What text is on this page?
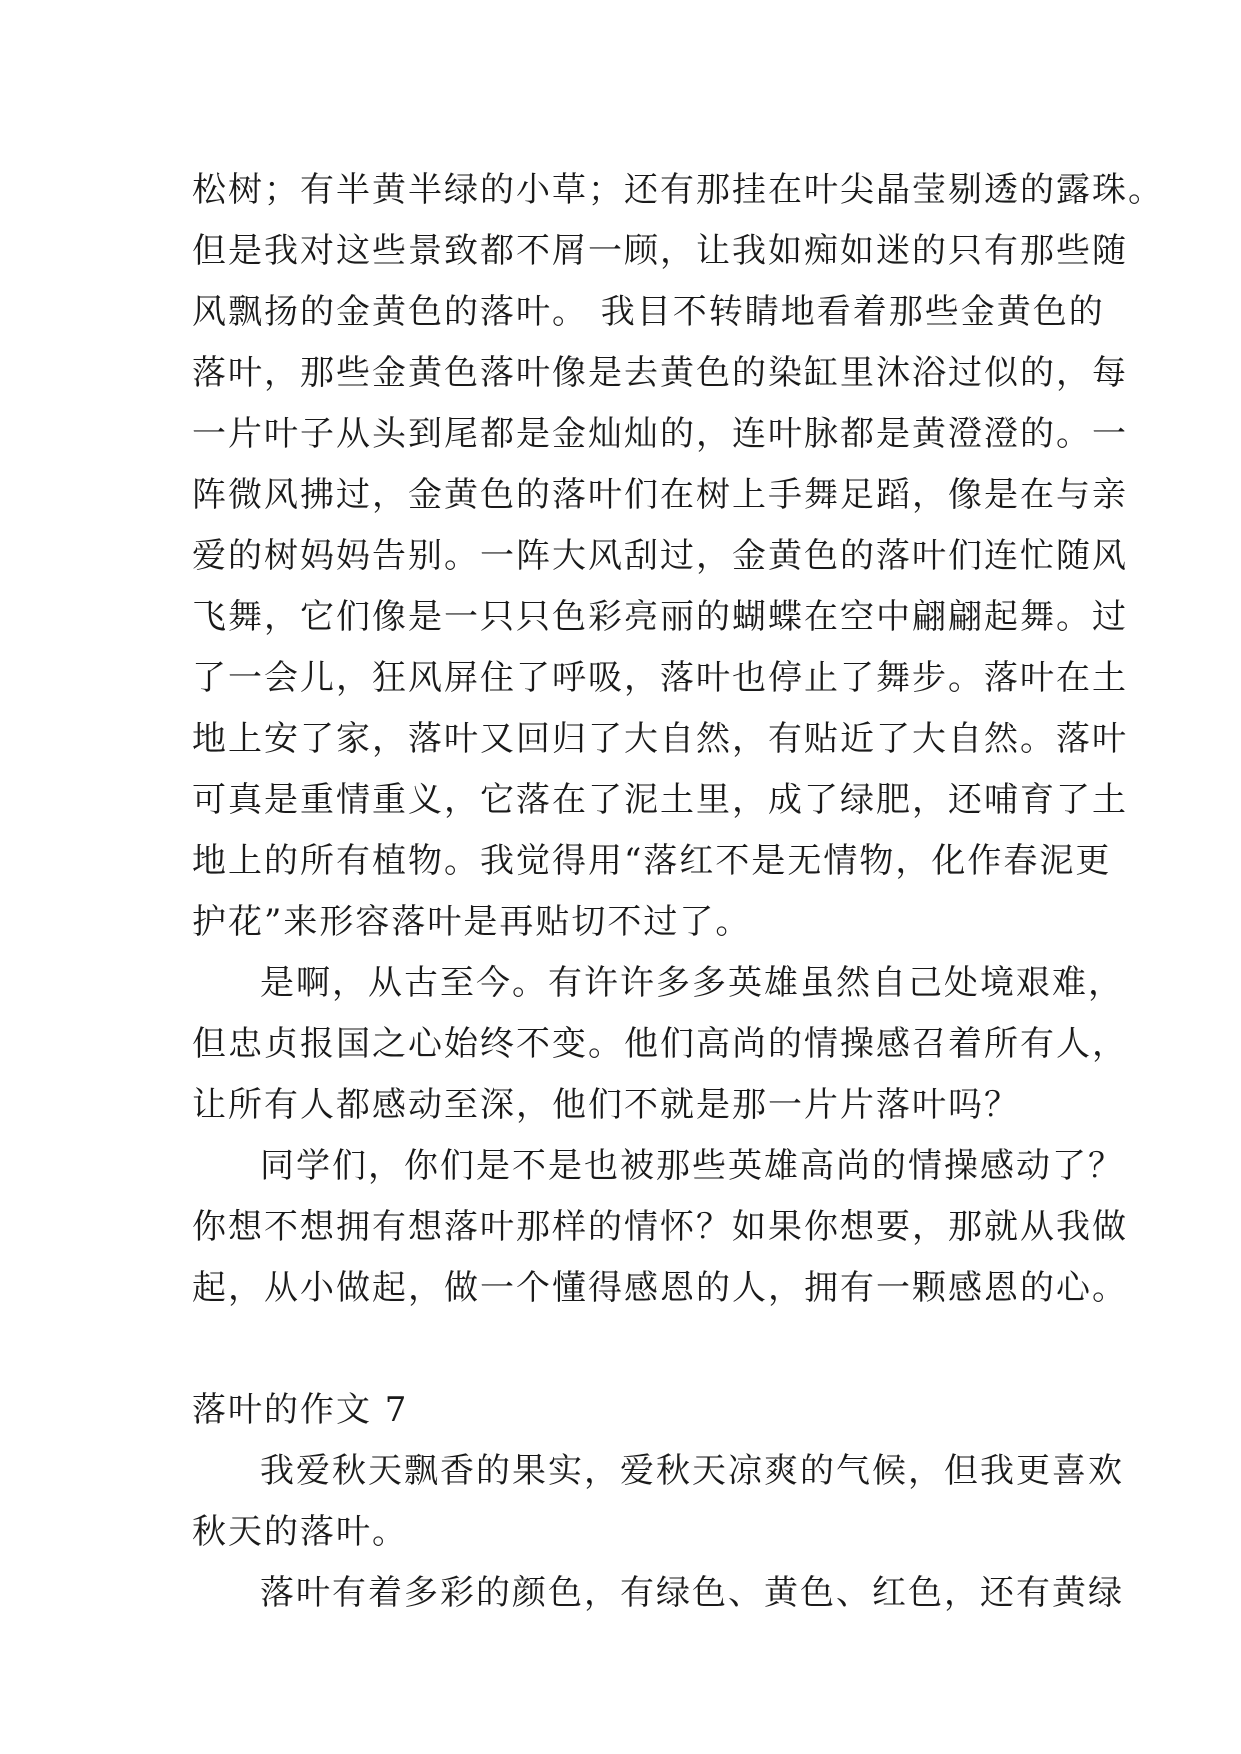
松树；有半黄半绿的小草；还有那挂在叶尖晶莹剔透的露珠。
但是我对这些景致都不屑一顾，让我如痴如迷的只有那些随
风飘扬的金黄色的落叶。 我目不转睛地看着那些金黄色的
落叶，那些金黄色落叶像是去黄色的染缸里沐浴过似的，每
一片叶子从头到尾都是金灿灿的，连叶脉都是黄澄澄的。一
阵微风拂过，金黄色的落叶们在树上手舞足蹈，像是在与亲
爱的树妈妈告别。一阵大风刮过，金黄色的落叶们连忙随风
飞舞，它们像是一只只色彩亮丽的蝴蝶在空中翩翩起舞。过
了一会儿，狂风屏住了呼吸，落叶也停止了舞步。落叶在土
地上安了家，落叶又回归了大自然，有贴近了大自然。落叶
可真是重情重义，它落在了泥土里，成了绿肥，还哺育了土
地上的所有植物。我觉得用“落红不是无情物，化作春泥更
护花”来形容落叶是再贴切不过了。
是啊，从古至今。有许许多多英雄虽然自己处境艰难，
但忠贞报国之心始终不变。他们高尚的情操感召着所有人，
让所有人都感动至深，他们不就是那一片片落叶吗？
同学们，你们是不是也被那些英雄高尚的情操感动了？
你想不想拥有想落叶那样的情怀？如果你想要，那就从我做
起，从小做起，做一个懂得感恩的人，拥有一颗感恩的心。
落叶的作文 7
我爱秋天飘香的果实，爱秋天凉爽的气候，但我更喜欢
秋天的落叶。
落叶有着多彩的颜色，有绿色、黄色、红色，还有黄绿
